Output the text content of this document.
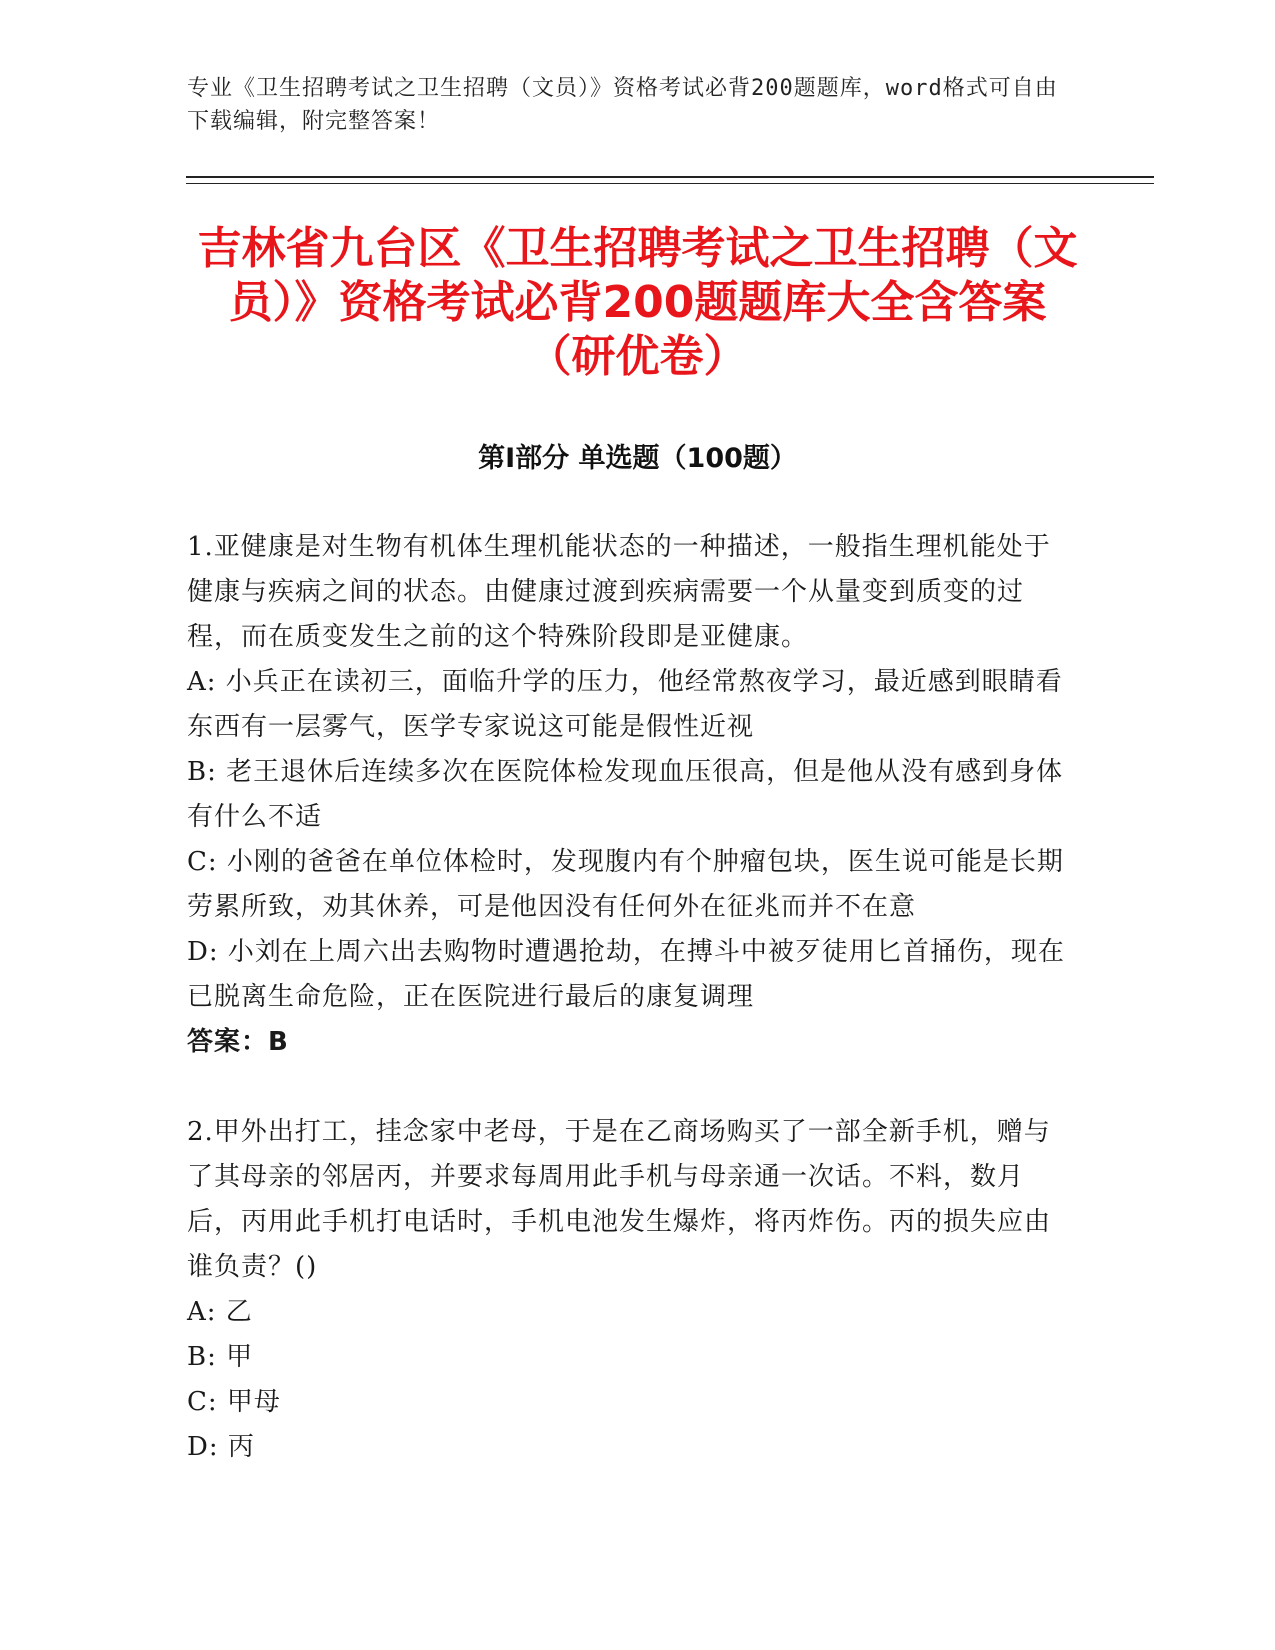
专业《卫生招聘考试之卫生招聘（文员）》资格考试必背200题题库，word格式可自由下载编辑，附完整答案！
吉林省九台区《卫生招聘考试之卫生招聘（文员）》资格考试必背200题题库大全含答案（研优卷）
第Ⅰ部分 单选题（100题）

1.亚健康是对生物有机体生理机能状态的一种描述，一般指生理机能处于健康与疾病之间的状态。由健康过渡到疾病需要一个从量变到质变的过程，而在质变发生之前的这个特殊阶段即是亚健康。

A: 小兵正在读初三，面临升学的压力，他经常熬夜学习，最近感到眼睛看东西有一层雾气，医学专家说这可能是假性近视

B: 老王退休后连续多次在医院体检发现血压很高，但是他从没有感到身体有什么不适

C: 小刚的爸爸在单位体检时，发现腹内有个肿瘤包块，医生说可能是长期劳累所致，劝其休养，可是他因没有任何外在征兆而并不在意

D: 小刘在上周六出去购物时遭遇抢劫，在搏斗中被歹徒用匕首捅伤，现在已脱离生命危险，正在医院进行最后的康复调理

答案：B

2.甲外出打工，挂念家中老母，于是在乙商场购买了一部全新手机，赠与了其母亲的邻居丙，并要求每周用此手机与母亲通一次话。不料，数月后，丙用此手机打电话时，手机电池发生爆炸，将丙炸伤。丙的损失应由谁负责？()

A: 乙

B: 甲

C: 甲母

D: 丙
